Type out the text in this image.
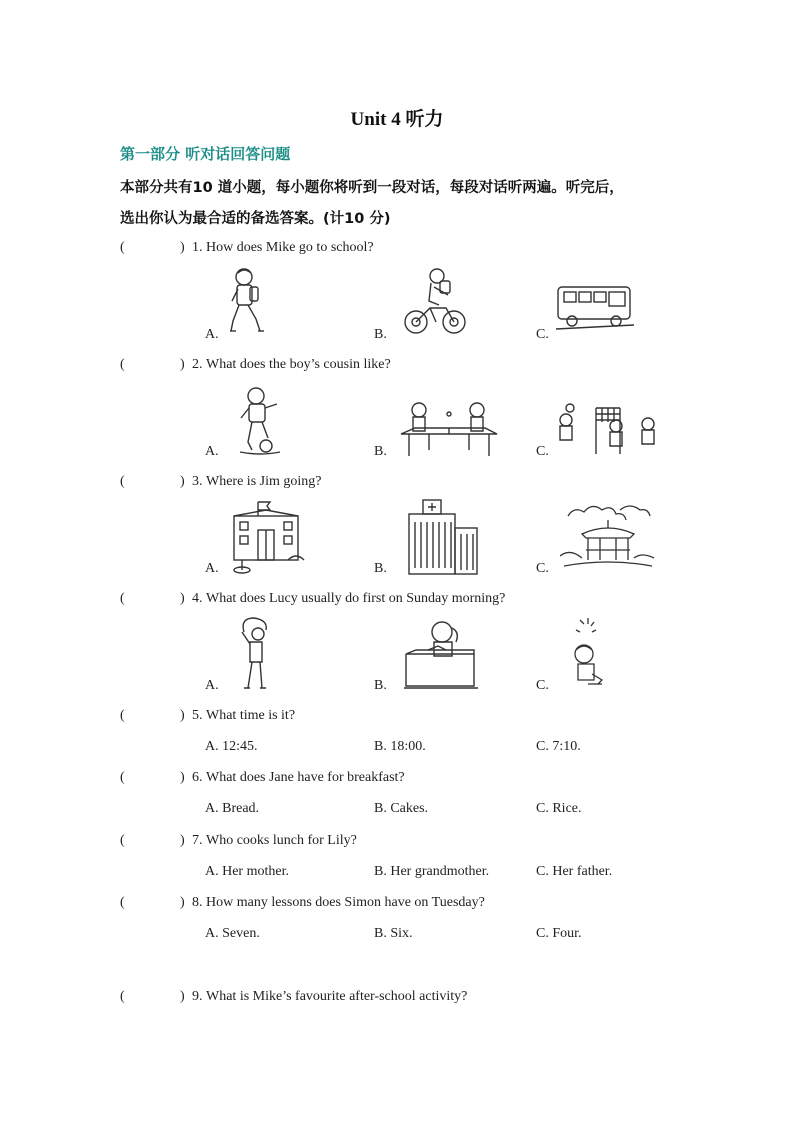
Unit 4 听力
第一部分 听对话回答问题
本部分共有10 道小题，每小题你将听到一段对话，每段对话听两遍。听完后，
选出你认为最合适的备选答案。(计10 分)
(	) 1. How does Mike go to school?
A.	B.	C.
(	) 2. What does the boy’s cousin like?
A.	B.	C.
(	) 3. Where is Jim going?
A.	B.	C.
(	) 4. What does Lucy usually do first on Sunday morning?
A.	B.	C.
(	) 5. What time is it?
A. 12:45.	B. 18:00.	C. 7:10.
(	) 6. What does Jane have for breakfast?
A. Bread.	B. Cakes.	C. Rice.
(	) 7. Who cooks lunch for Lily?
A. Her mother.	B. Her grandmother.	C. Her father.
(	) 8. How many lessons does Simon have on Tuesday?
A. Seven.	B. Six.	C. Four.
(	) 9. What is Mike’s favourite after-school activity?
